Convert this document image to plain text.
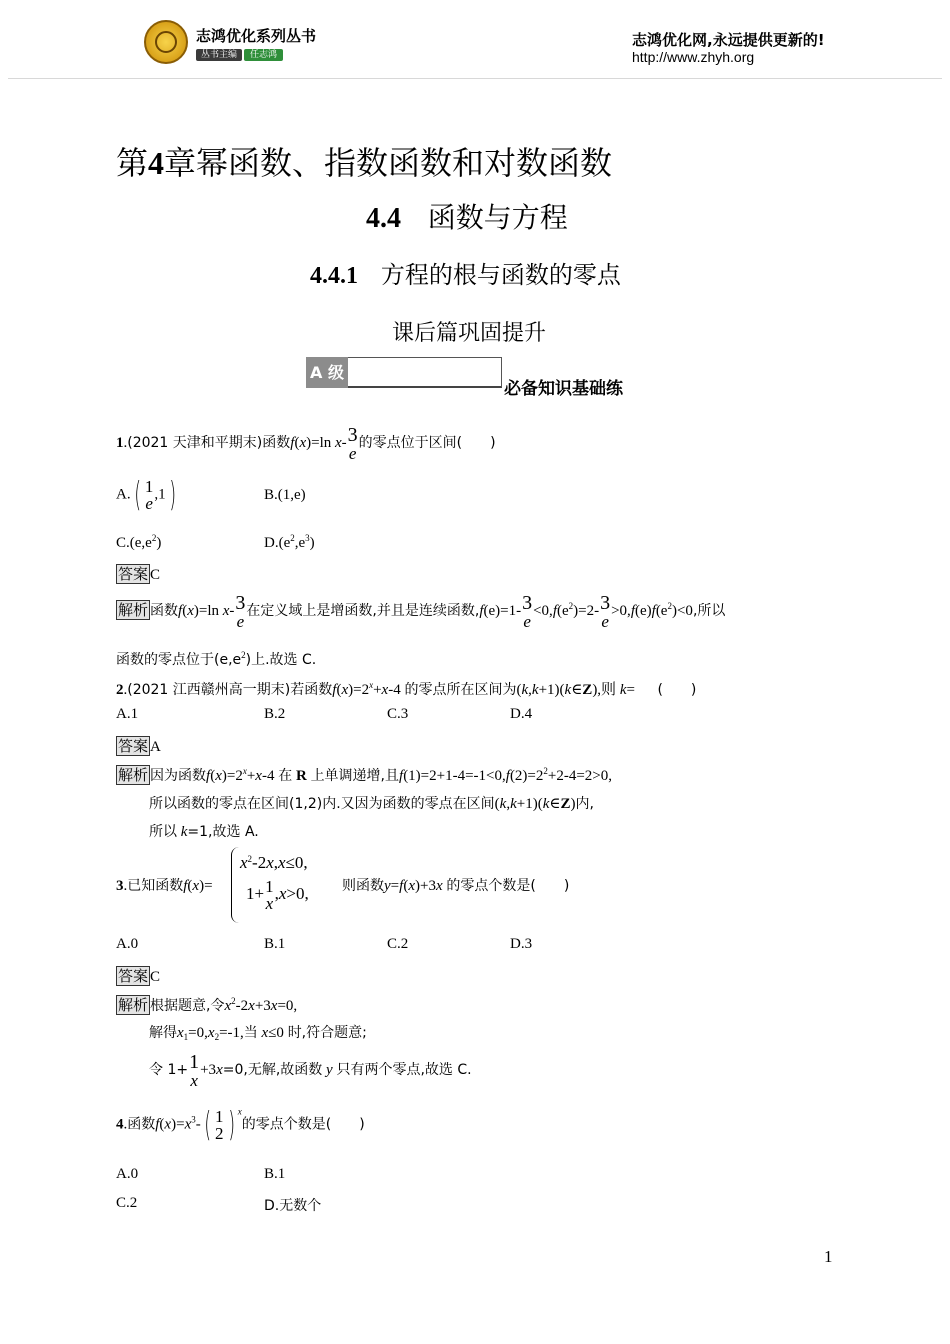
志鸿优化系列丛书
丛书主编 任志鸿
志鸿优化网,永远提供更新的!
http://www.zhyh.org
第4章幂函数、指数函数和对数函数
4.4 函数与方程
4.4.1 方程的根与函数的零点
课后篇巩固提升
A 级
必备知识基础练
1.(2021 天津和平期末)函数f(x)=ln x- 3
e
的零点位于区间(　　)
A.( 1
e ,1)	B.(1,e)
$C.(e,e^2)$	$D.(e^2,e^3)$
答案 C
解析 函数f(x)=ln x- 3
e
在定义域上是增函数,并且是连续函数,f(e)=1- 3
e
$<0,f(e^2)=2-$ 3
e
$>0,f(e)f(e^2)<0$,所以
函数的零点位于$(e,e^2)$上.故选 C.
2.(2021 江西赣州高一期末)若函数$f(x)=2^x+x-4$ 的零点所在区间为(k,k+1)(k∈Z),则 k=      (　　)
A.1	B.2	C.3	D.4
答案 A
解析 因为函数$f(x)=2^x+x-4$ 在 R 上单调递增,且$f(1)=2+1-4=-1<0,f(2)=2^2+2-4=2>0$,
所以函数的零点在区间(1,2)内.又因为函数的零点在区间(k,k+1)(k∈Z)内,
所以 k=1,故选 A.
3.已知函数f(x)=
$x^2-2x,x\le 0$,
1+ 1
x
,x>0, 则函数y=f(x)+3x 的零点个数是(　　)
A.0	B.1	C.2	D.3
答案 C
解析 根据题意,令$x^2-2x+3x=0$,
解得$x_1=0,x_2=-1$,当 x≤0 时,符合题意;
令 1+ 1
x
+3x=0,无解,故函数 y 只有两个零点,故选 C.
4.函数$f(x)=x^3-$( 1
2 ) $^x$的零点个数是(　　)
A.0	B.1
C.2	D.无数个
1
